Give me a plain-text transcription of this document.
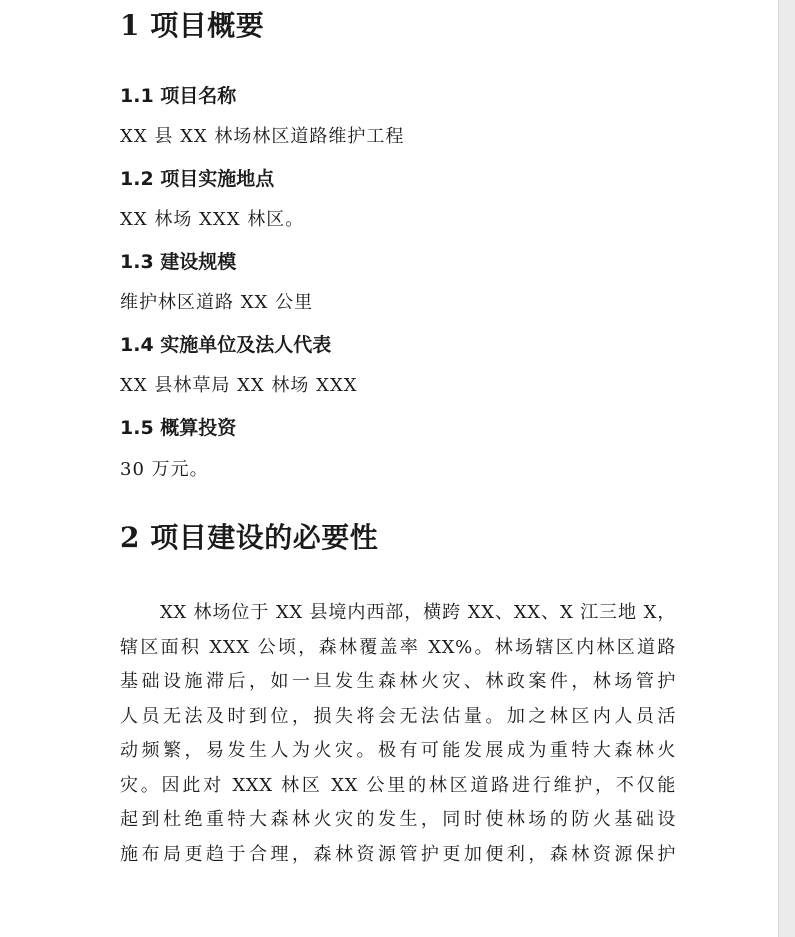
1 项目概要
1.1 项目名称
XX 县 XX 林场林区道路维护工程
1.2 项目实施地点
XX 林场 XXX 林区。
1.3 建设规模
维护林区道路 XX 公里
1.4 实施单位及法人代表
XX 县林草局 XX 林场 XXX
1.5 概算投资
30 万元。
2 项目建设的必要性
XX 林场位于 XX 县境内西部，横跨 XX、XX、X 江三地 X，
辖区面积 XXX 公顷，森林覆盖率 XX%。林场辖区内林区道路
基础设施滞后，如一旦发生森林火灾、林政案件，林场管护
人员无法及时到位，损失将会无法估量。加之林区内人员活
动频繁，易发生人为火灾。极有可能发展成为重特大森林火
灾。因此对 XXX 林区 XX 公里的林区道路进行维护，不仅能
起到杜绝重特大森林火灾的发生，同时使林场的防火基础设
施布局更趋于合理，森林资源管护更加便利，森林资源保护
